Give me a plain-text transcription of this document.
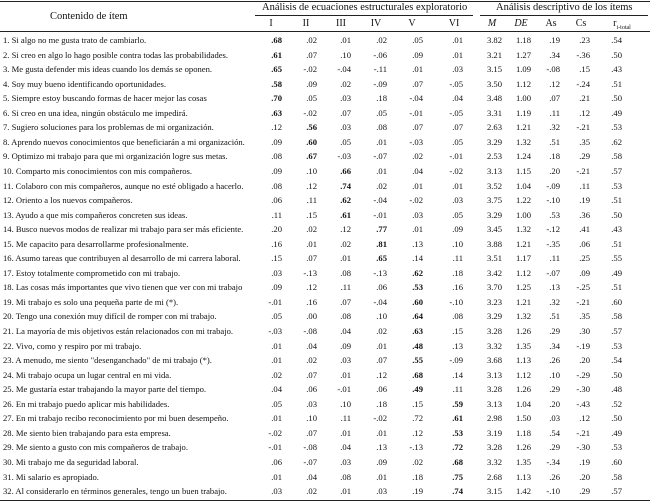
Contenido de ítem
Análisis de ecuaciones estructurales exploratorio	Análisis descriptivo de los ítems
I	II	III	IV	V	VI	M	DE	As Cs	$r_{i-total}$
1. Si algo no me gusta trato de cambiarlo.	.68	.02	.01	.02	.05	.01	3.82	1.18	.19	.23	.54
2. Si creo en algo lo hago posible contra todas las probabilidades.	.61	.07	.10	-.06	.09	.01	3.21	1.27	.34	-.36	.50
3. Me gusta defender mis ideas cuando los demás se oponen.	.65	-.02	-.04	-.11	.01	.03	3.15	1.09	-.08	.15	.43
4. Soy muy bueno identificando oportunidades.	.58	.09	.02	-.09	.07	-.05	3.50	1.12	.12	-.24	.51
5. Siempre estoy buscando formas de hacer mejor las cosas	.70	.05	.03	.18	-.04	.04	3.48	1.00	.07	.21	.50
6. Si creo en una idea, ningún obstáculo me impedirá.	.63	-.02	.07	.05	-.01	-.05	3.31	1.19	.11	.12	.49
7. Sugiero soluciones para los problemas de mi organización.	.12	.56	.03	.08	.07	.07	2.63	1.21	.32	-.21	.53
8. Aprendo nuevos conocimientos que beneficiarán a mi organización.	.09	.60	.05	.01	-.03	.05	3.29	1.32	.51	.35	.62
9. Optimizo mi trabajo para que mi organización logre sus metas.	.08	.67	-.03	-.07	.02	-.01	2.53	1.24	.18	.29	.58
10. Comparto mis conocimientos con mis compañeros.	.09	.10	.66	.01	.04	-.02	3.13	1.15	.20	-.21	.57
11. Colaboro con mis compañeros, aunque no esté obligado a hacerlo.	.08	.12	.74	.02	.01	.01	3.52	1.04	-.09	.11	.53
12. Oriento a los nuevos compañeros.	.06	.11	.62	-.04	-.02	.03	3.75	1.22	-.10	.19	.51
13. Ayudo a que mis compañeros concreten sus ideas.	.11	.15	.61	-.01	.03	.05	3.29	1.00	.53	.36	.50
14. Busco nuevos modos de realizar mi trabajo para ser más eficiente.	.20	.02	.12	.77	.01	.09	3.45	1.32	-.12	.41	.43
15. Me capacito para desarrollarme profesionalmente.	.16	.01	.02	.81	.13	.10	3.88	1.21	-.35	.06	.51
16. Asumo tareas que contribuyen al desarrollo de mi carrera laboral.	.15	.07	.01	.65	.14	.11	3.51	1.17	.11	.25	.55
17. Estoy totalmente comprometido con mi trabajo.	.03	-.13	.08	-.13	.62	.18	3.42	1.12	-.07	.09	.49
18. Las cosas más importantes que vivo tienen que ver con mi trabajo	.09	.12	.11	.06	.53	.16	3.70	1.25	.13	-.25	.51
19. Mi trabajo es solo una pequeña parte de mi (*).	-.01	.16	.07	-.04	.60	-.10	3.23	1.21	.32	-.21	.60
20. Tengo una conexión muy difícil de romper con mi trabajo.	.05	.00	.08	.10	.64	.08	3.29	1.32	.51	.35	.58
21. La mayoría de mis objetivos están relacionados con mi trabajo.	-.03	-.08	.04	.02	.63	.15	3.28	1.26	.29	.30	.57
22. Vivo, como y respiro por mi trabajo.	.01	.04	.09	.01	.48	.13	3.32	1.35	.34	-.19	.53
23. A menudo, me siento "desenganchado" de mi trabajo (*).	.01	.02	.03	.07	.55	-.09	3.68	1.13	.26	.20	.54
24. Mi trabajo ocupa un lugar central en mi vida.	.02	.07	.01	.12	.68	.14	3.13	1.12	.10	-.29	.50
25. Me gustaría estar trabajando la mayor parte del tiempo.	.04	.06	-.01	.06	.49	.11	3.28	1.26	.29	-.30	.48
26. En mi trabajo puedo aplicar mis habilidades.	.05	.03	.10	.18	.15	.59	3.13	1.04	.20	-.43	.52
27. En mi trabajo recibo reconocimiento por mi buen desempeño.	.01	.10	.11	-.02	.72	.61	2.98	1.50	.03	.12	.50
28. Me siento bien trabajando para esta empresa.	-.02	.07	.01	.01	.12	.53	3.19	1.18	.54	-.21	.49
29. Me siento a gusto con mis compañeros de trabajo.	-.01	-.08	.04	.13	-.13	.72	3.28	1.26	.29	-.30	.53
30. Mi trabajo me da seguridad laboral.	.06	-.07	.03	.09	.02	.68	3.32	1.35	-.34	.19	.60
31. Mi salario es apropiado.	.01	.04	.08	.01	.18	.75	2.68	1.13	.26	.20	.58
32. Al considerarlo en términos generales, tengo un buen trabajo.	.03	.02	.01	.03	.19	.74	3.15	1.42	-.10	.29	.57
